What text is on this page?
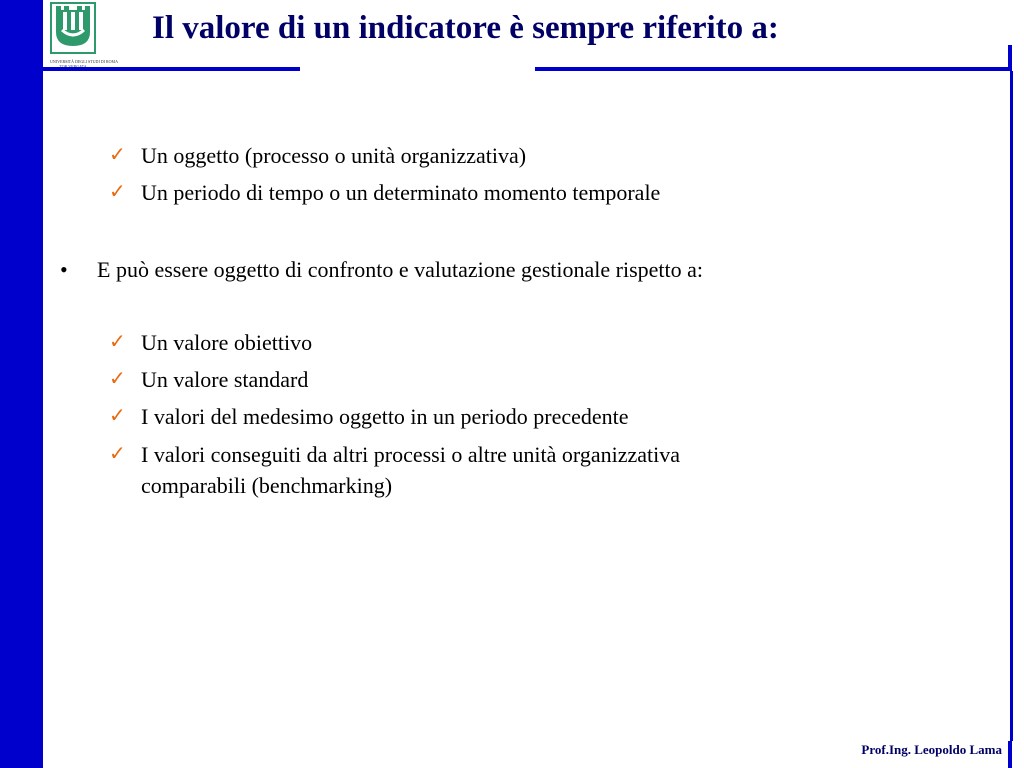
UNIVERSITÀ DEGLI STUDI DI ROMA
Il valore di un indicatore è sempre riferito a:
✓ Un oggetto (processo o unità organizzativa)
✓ Un periodo di tempo o un determinato momento temporale
• E può essere oggetto di confronto e valutazione gestionale rispetto a:
✓ Un valore obiettivo
✓ Un valore standard
✓ I valori del medesimo oggetto in un periodo precedente
✓ I valori conseguiti da altri processi o altre unità organizzativa
comparabili (benchmarking)
Prof.Ing. Leopoldo Lama
